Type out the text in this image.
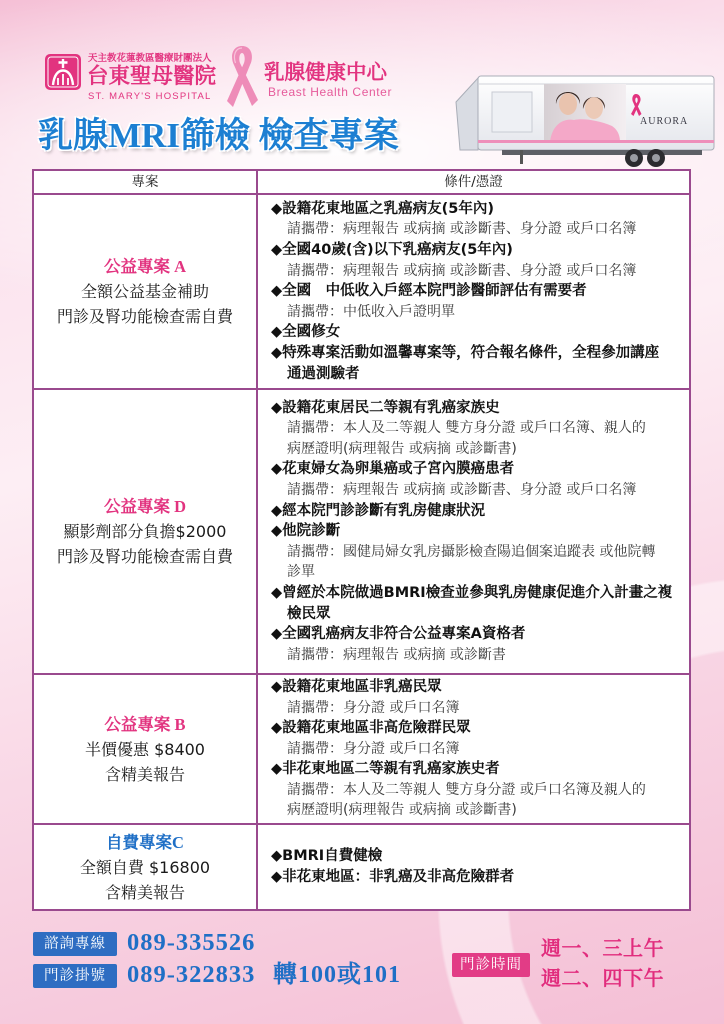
天主教花蓮教區醫療財團法人
台東聖母醫院
ST. MARY'S HOSPITAL
乳腺健康中心
Breast Health Center
乳腺MRI篩檢 檢查專案	AURORA
專案	條件/憑證
公益專案 A
全額公益基金補助
門診及腎功能檢查需自費
◆設籍花東地區之乳癌病友(5年內)
請攜帶：病理報告 或病摘 或診斷書、身分證 或戶口名簿
◆全國40歲(含)以下乳癌病友(5年內)
請攜帶：病理報告 或病摘 或診斷書、身分證 或戶口名簿
◆全國　中低收入戶經本院門診醫師評估有需要者
請攜帶：中低收入戶證明單
◆全國修女
◆特殊專案活動如溫馨專案等，符合報名條件，全程參加講座
通過測驗者
公益專案 D
顯影劑部分負擔$2000
門診及腎功能檢查需自費
◆設籍花東居民二等親有乳癌家族史
請攜帶：本人及二等親人 雙方身分證 或戶口名簿、親人的
病歷證明(病理報告 或病摘 或診斷書)
◆花東婦女為卵巢癌或子宮內膜癌患者
請攜帶：病理報告 或病摘 或診斷書、身分證 或戶口名簿
◆經本院門診診斷有乳房健康狀況
◆他院診斷
請攜帶：國健局婦女乳房攝影檢查陽追個案追蹤表 或他院轉
診單
◆曾經於本院做過BMRI檢查並參與乳房健康促進介入計畫之複
檢民眾
◆全國乳癌病友非符合公益專案A資格者
請攜帶：病理報告 或病摘 或診斷書
公益專案 B
半價優惠 $8400
含精美報告
◆設籍花東地區非乳癌民眾
請攜帶：身分證 或戶口名簿
◆設籍花東地區非高危險群民眾
請攜帶：身分證 或戶口名簿
◆非花東地區二等親有乳癌家族史者
請攜帶：本人及二等親人 雙方身分證 或戶口名簿及親人的
病歷證明(病理報告 或病摘 或診斷書)
自費專案C
全額自費 $16800
含精美報告
◆BMRI自費健檢
◆非花東地區：非乳癌及非高危險群者
諮詢專線 089-335526
門診掛號 089-322833 轉100或101	門診時間
週一、三上午
週二、四下午
